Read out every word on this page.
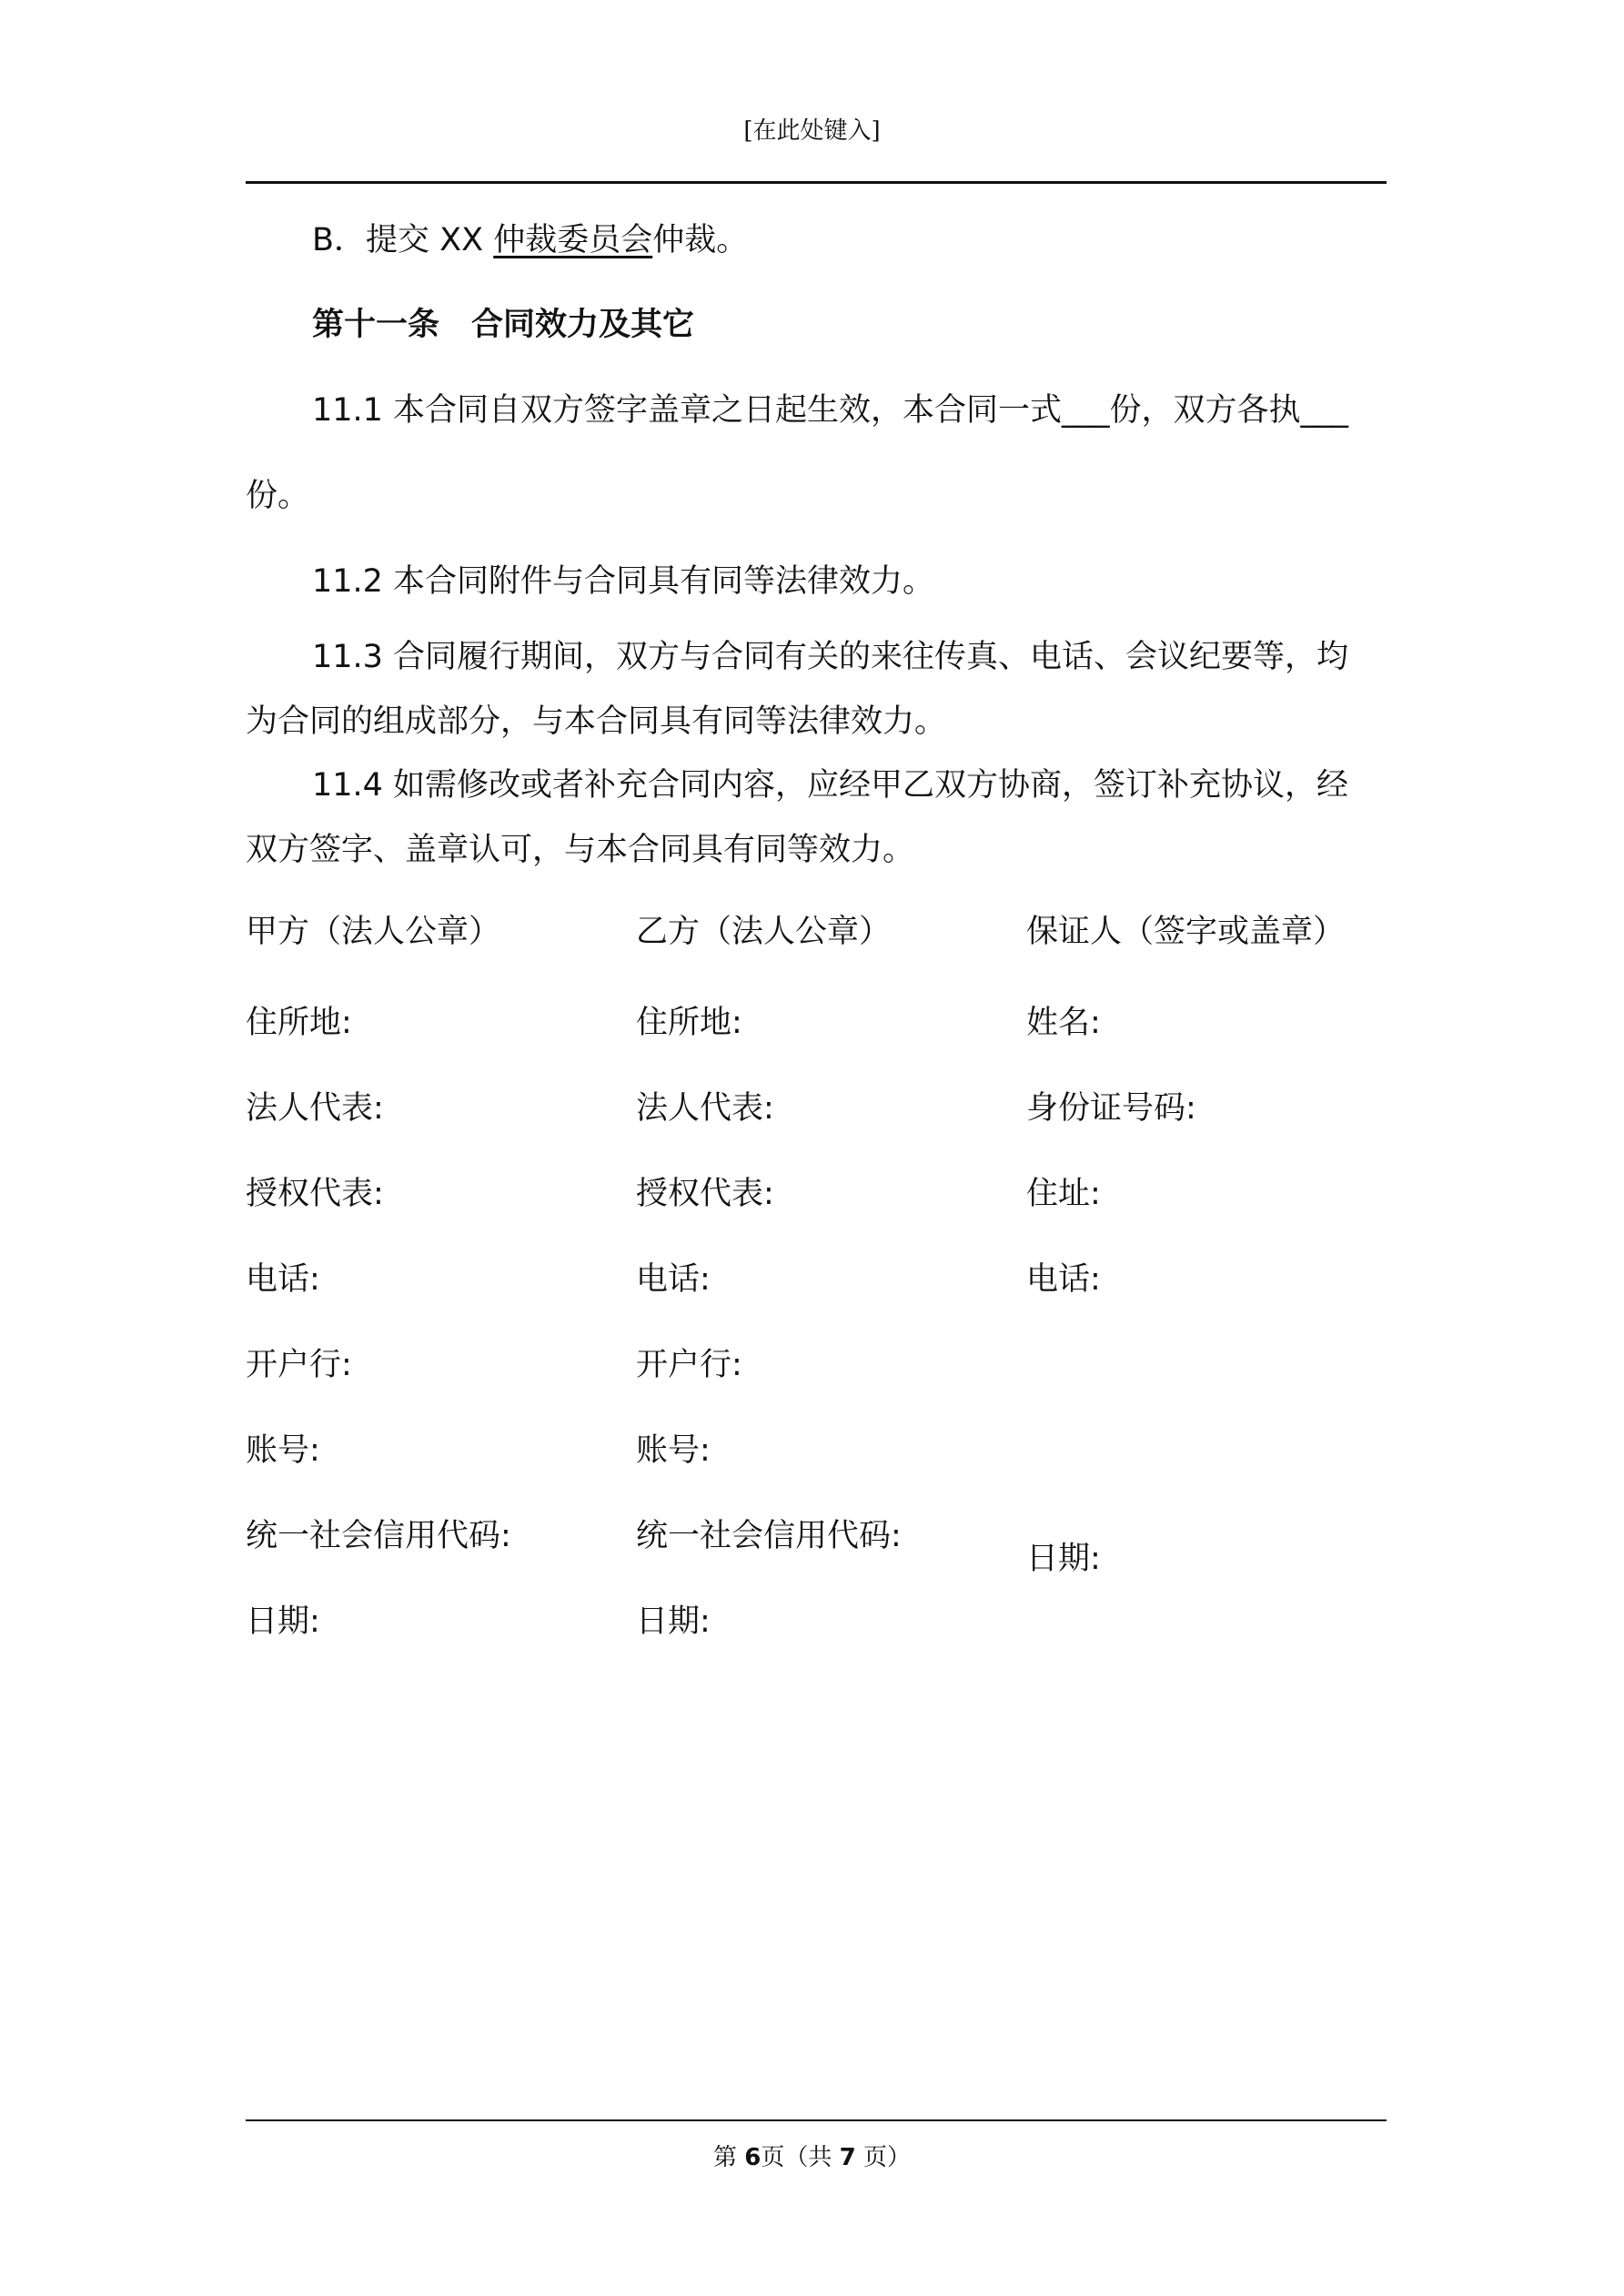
[在此处键入]
B．提交 XX 仲裁委员会仲裁。
第十一条　合同效力及其它
11.1 本合同自双方签字盖章之日起生效，本合同一式___份，双方各执___
份。
11.2 本合同附件与合同具有同等法律效力。
11.3 合同履行期间，双方与合同有关的来往传真、电话、会议纪要等，均
为合同的组成部分，与本合同具有同等法律效力。
11.4 如需修改或者补充合同内容，应经甲乙双方协商，签订补充协议，经
双方签字、盖章认可，与本合同具有同等效力。
甲方（法人公章）
住所地:
法人代表:
授权代表:
电话:
开户行:
账号:
统一社会信用代码:
日期:
乙方（法人公章）
住所地:
法人代表:
授权代表:
电话:
开户行:
账号:
统一社会信用代码:
日期:
保证人（签字或盖章）
姓名:
身份证号码:
住址:
电话:
日期:
第 6页（共 7 页）
